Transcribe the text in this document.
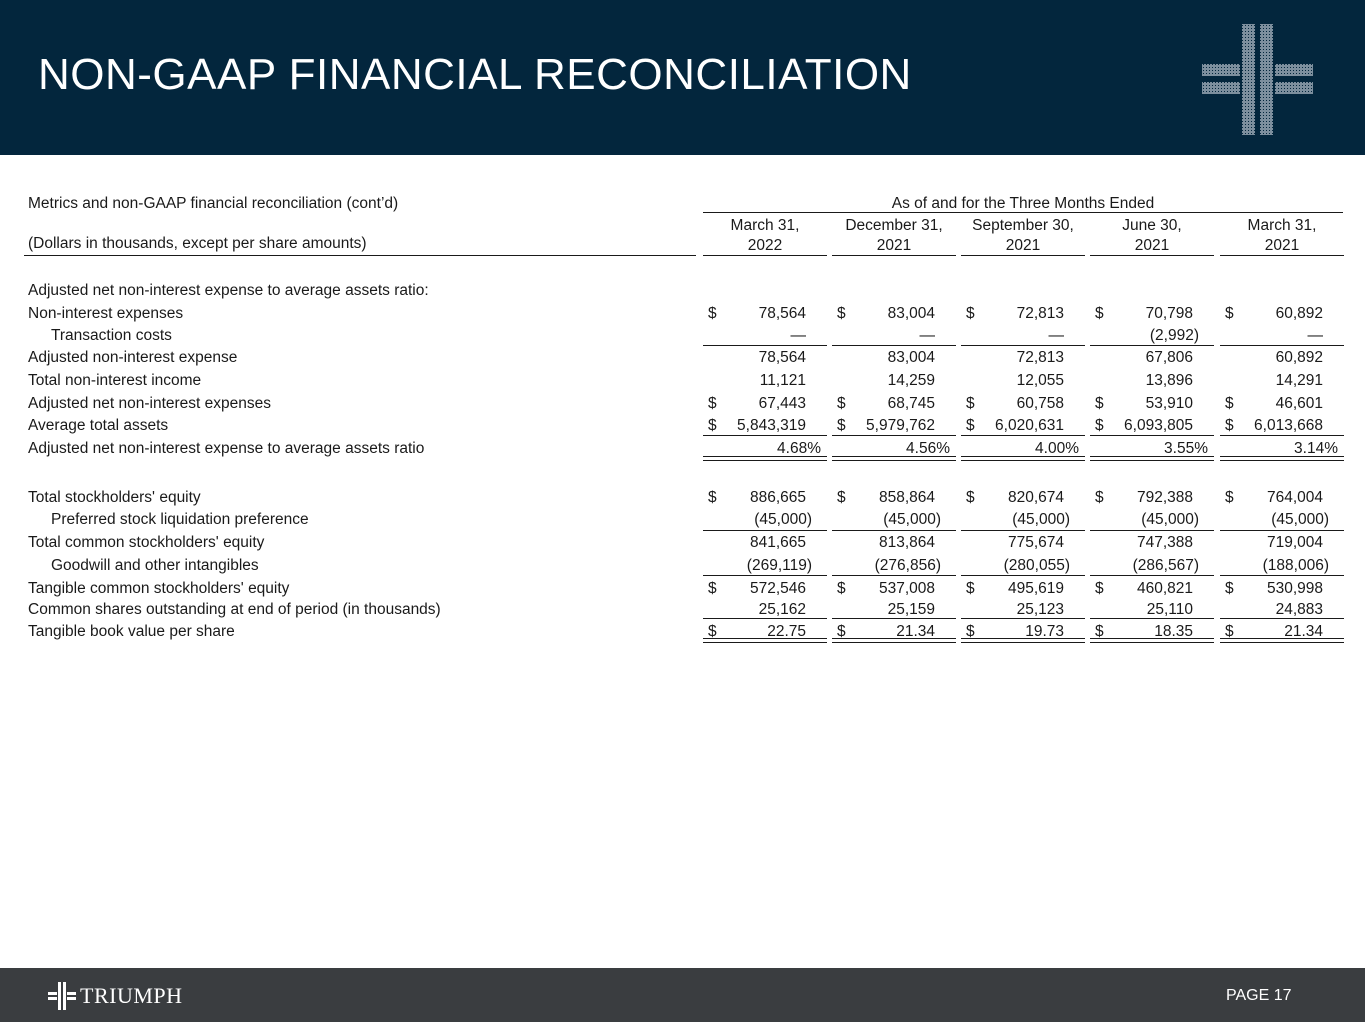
NON-GAAP FINANCIAL RECONCILIATION
Metrics and non-GAAP financial reconciliation (cont’d)
(Dollars in thousands, except per share amounts)
As of and for the Three Months Ended
March 31,
2022
December 31,
2021
September 30,
2021
June 30,
2021
March 31,
2021
Adjusted net non-interest expense to average assets ratio:
Non-interest expenses	$	78,564 $	83,004 $	72,813 $	70,798 $	60,892
Transaction costs	—	—	—	(2,992)	—
Adjusted non-interest expense	78,564	83,004	72,813	67,806	60,892
Total non-interest income	11,121	14,259	12,055	13,896	14,291
Adjusted net non-interest expenses	$	67,443 $	68,745 $	60,758 $	53,910 $	46,601
Average total assets	$ 5,843,319 $ 5,979,762 $ 6,020,631 $ 6,093,805 $ 6,013,668
Adjusted net non-interest expense to average assets ratio	4.68%	4.56%	4.00%	3.55%	3.14%
Total stockholders' equity	$ 886,665 $ 858,864 $ 820,674 $ 792,388 $ 764,004
Preferred stock liquidation preference	(45,000)	(45,000)	(45,000)	(45,000)	(45,000)
Total common stockholders' equity	841,665	813,864	775,674	747,388	719,004
Goodwill and other intangibles	(269,119)	(276,856)	(280,055)	(286,567)	(188,006)
Tangible common stockholders' equity	$ 572,546 $ 537,008 $ 495,619 $ 460,821 $ 530,998
Common shares outstanding at end of period (in thousands)	25,162	25,159	25,123	25,110	24,883
Tangible book value per share	$	22.75 $	21.34 $	19.73 $	18.35 $	21.34
TRIUMPH	PAGE 17
